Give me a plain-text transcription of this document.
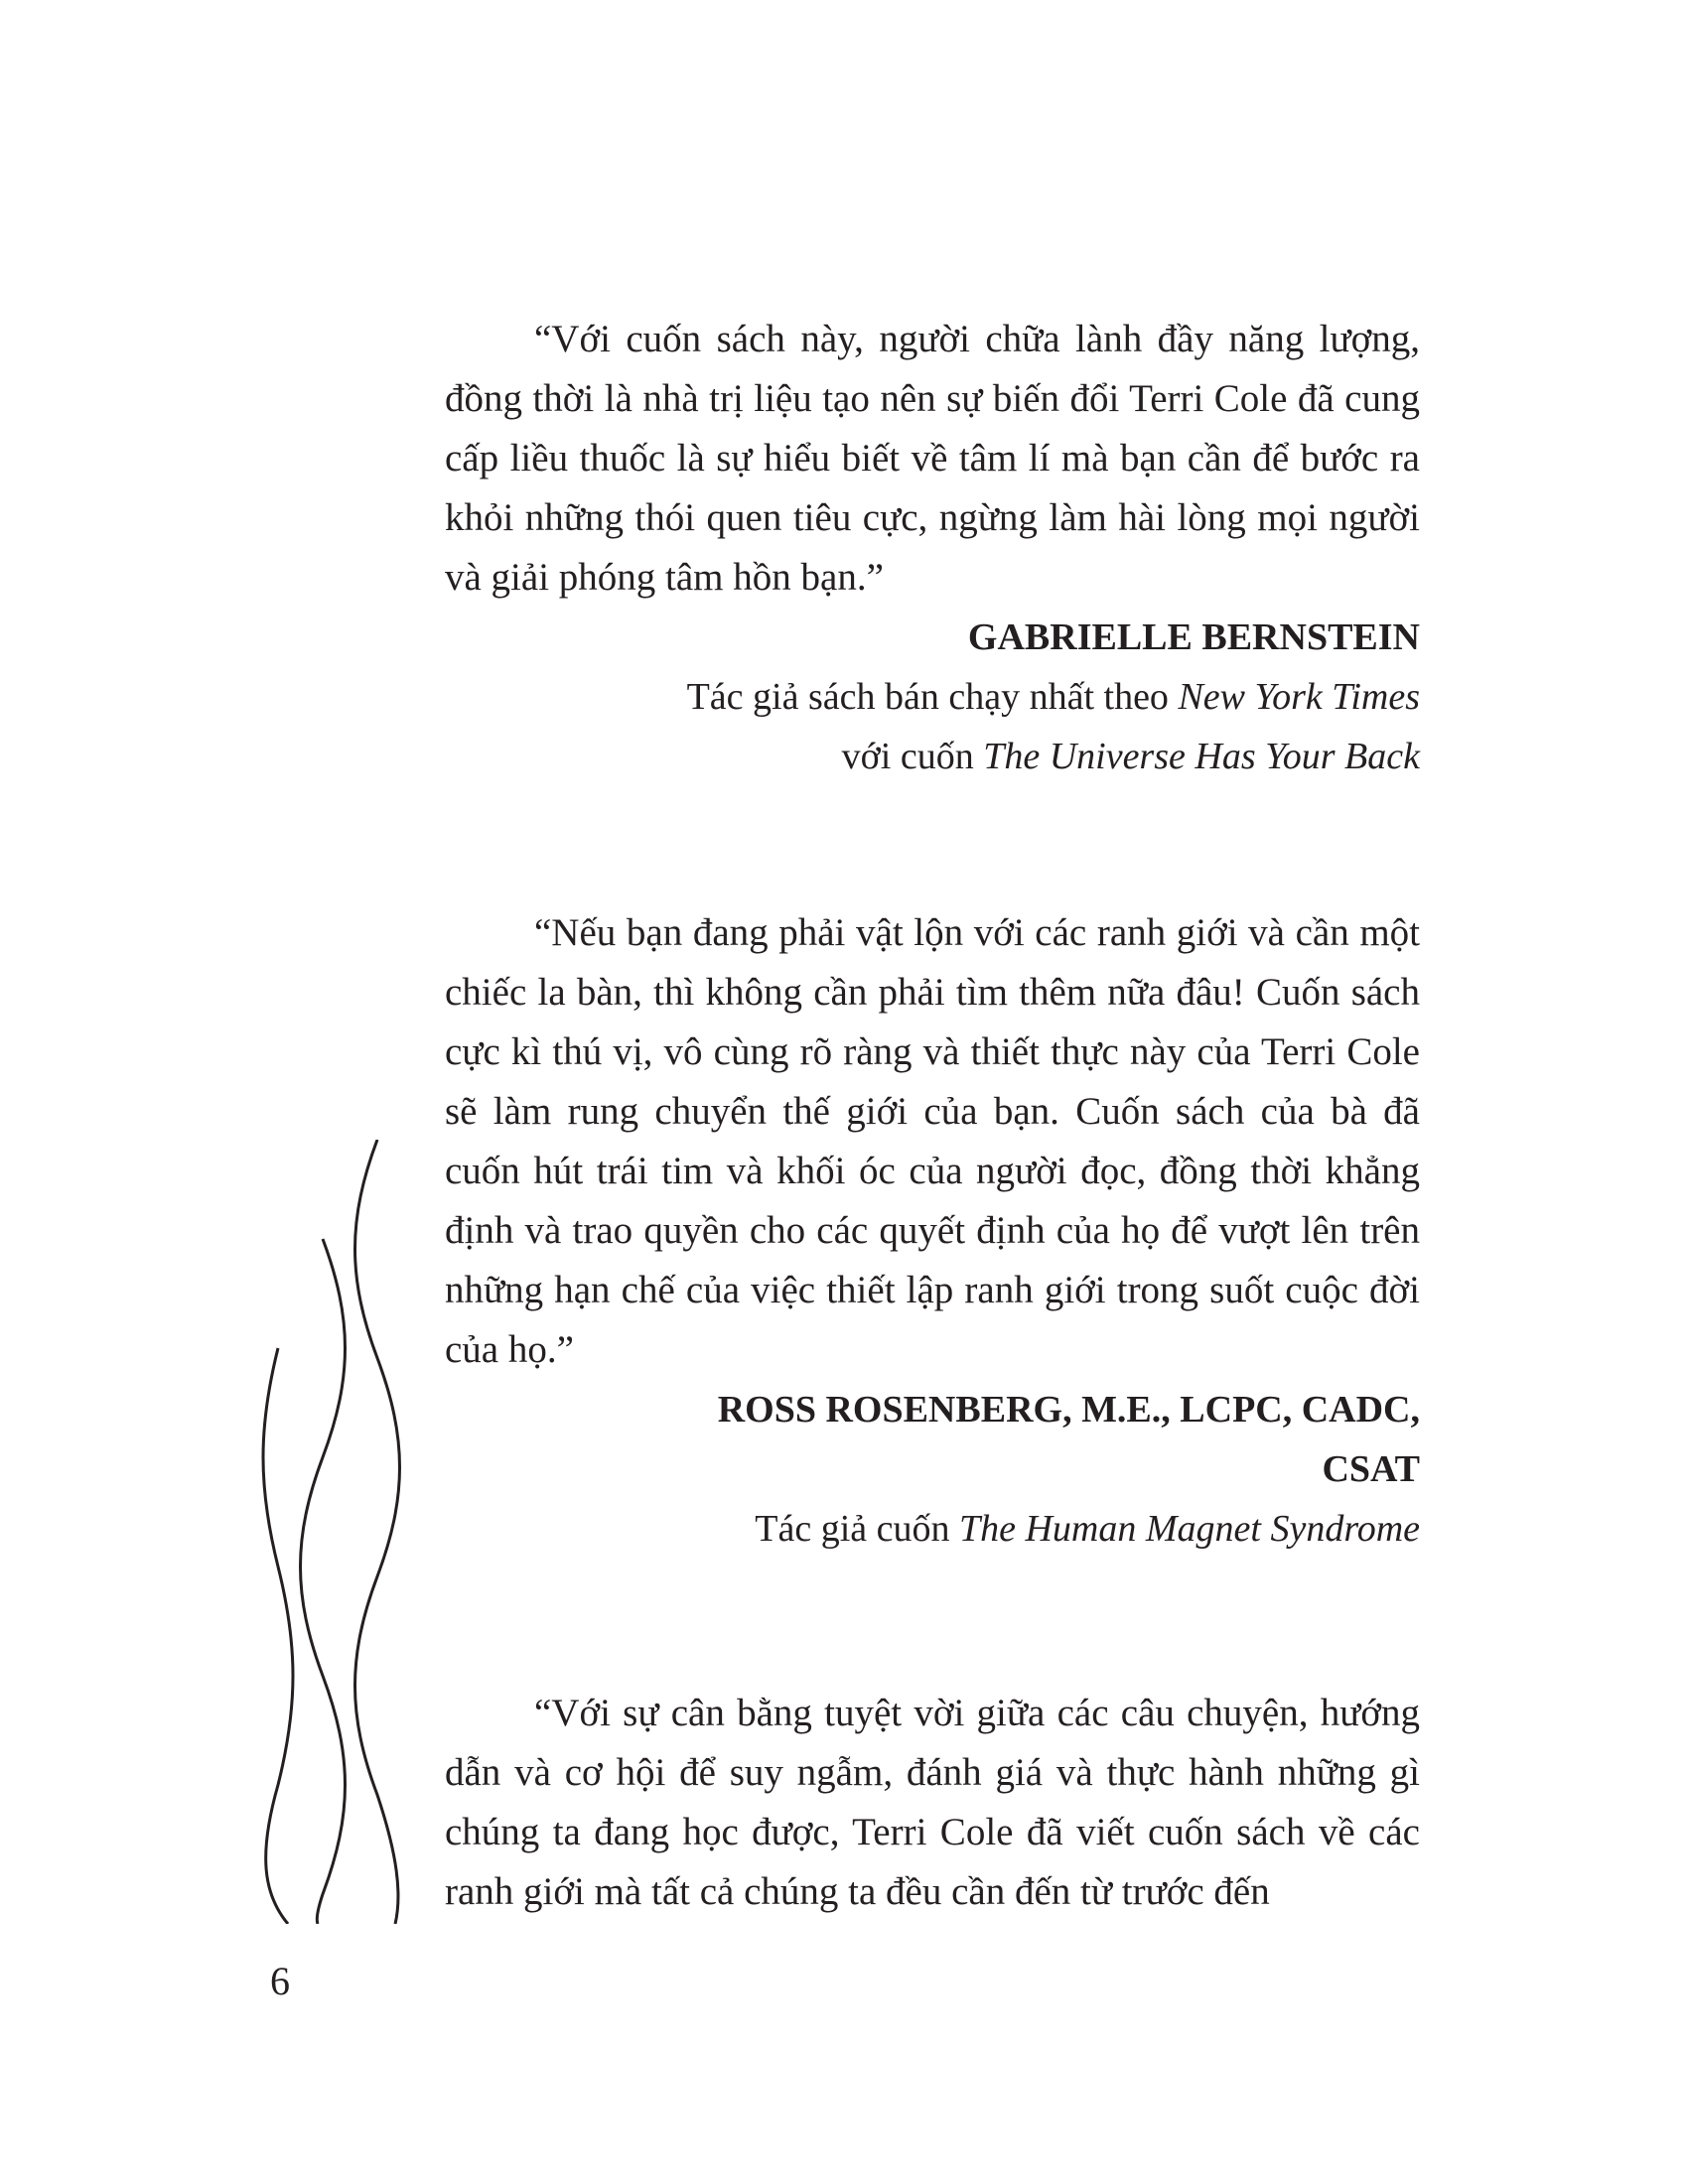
“Với cuốn sách này, người chữa lành đầy năng lượng, đồng thời là nhà trị liệu tạo nên sự biến đổi Terri Cole đã cung cấp liều thuốc là sự hiểu biết về tâm lí mà bạn cần để bước ra khỏi những thói quen tiêu cực, ngừng làm hài lòng mọi người và giải phóng tâm hồn bạn.”

GABRIELLE BERNSTEIN

Tác giả sách bán chạy nhất theo New York Times

với cuốn The Universe Has Your Back

“Nếu bạn đang phải vật lộn với các ranh giới và cần một chiếc la bàn, thì không cần phải tìm thêm nữa đâu! Cuốn sách cực kì thú vị, vô cùng rõ ràng và thiết thực này của Terri Cole sẽ làm rung chuyển thế giới của bạn. Cuốn sách của bà đã cuốn hút trái tim và khối óc của người đọc, đồng thời khẳng định và trao quyền cho các quyết định của họ để vượt lên trên những hạn chế của việc thiết lập ranh giới trong suốt cuộc đời của họ.”

ROSS ROSENBERG, M.E., LCPC, CADC,

CSAT

Tác giả cuốn The Human Magnet Syndrome

“Với sự cân bằng tuyệt vời giữa các câu chuyện, hướng dẫn và cơ hội để suy ngẫm, đánh giá và thực hành những gì chúng ta đang học được, Terri Cole đã viết cuốn sách về các ranh giới mà tất cả chúng ta đều cần đến từ trước đến

6
